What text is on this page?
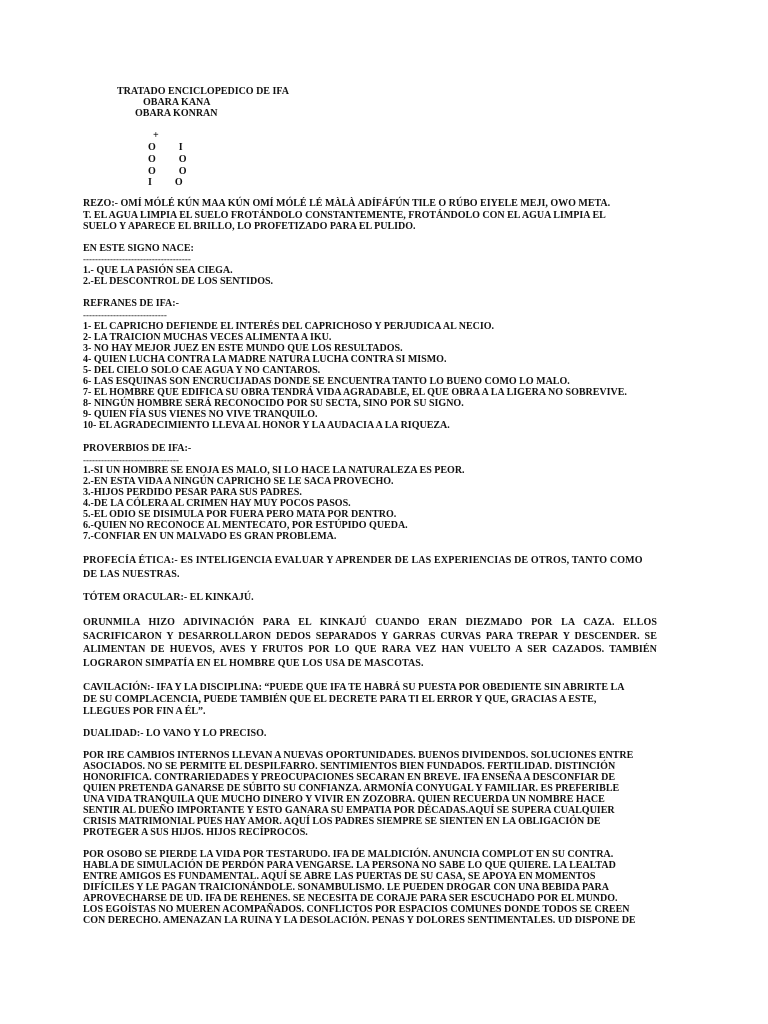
TRATADO ENCICLOPEDICO DE IFA
OBARA KANA
OBARA KONRAN
+
O  I
O  O
O  O
I  O
REZO:- OMÍ MÓLÉ KÚN MAA KÚN OMÍ MÓLÉ LÉ MÀLÀ ADÍFÁFÚN TILE O RÚBO EIYELE MEJI, OWO META.
T. EL AGUA LIMPIA EL SUELO FROTÁNDOLO CONSTANTEMENTE, FROTÁNDOLO CON EL AGUA LIMPIA EL
SUELO Y APARECE EL BRILLO, LO PROFETIZADO PARA EL PULIDO.
EN ESTE SIGNO NACE:
------------------------------------
1.- QUE LA PASIÓN SEA CIEGA.
2.-EL DESCONTROL DE LOS SENTIDOS.
REFRANES DE IFA:-
----------------------------
1- EL CAPRICHO DEFIENDE EL INTERÉS DEL CAPRICHOSO Y PERJUDICA AL NECIO.
2- LA TRAICION MUCHAS VECES ALIMENTA A IKU.
3- NO HAY MEJOR JUEZ EN ESTE MUNDO QUE LOS RESULTADOS.
4- QUIEN LUCHA CONTRA LA MADRE NATURA LUCHA CONTRA SI MISMO.
5- DEL CIELO SOLO CAE AGUA Y NO CANTAROS.
6- LAS ESQUINAS SON ENCRUCIJADAS DONDE SE ENCUENTRA TANTO LO BUENO COMO LO MALO.
7- EL HOMBRE QUE EDIFICA SU OBRA TENDRÁ VIDA AGRADABLE, EL QUE OBRA A LA LIGERA NO SOBREVIVE.
8- NINGÚN HOMBRE SERÁ RECONOCIDO POR SU SECTA, SINO POR SU SIGNO.
9- QUIEN FÍA SUS VIENES NO VIVE TRANQUILO.
10- EL AGRADECIMIENTO LLEVA AL HONOR Y LA AUDACIA A LA RIQUEZA.
PROVERBIOS DE IFA:-
--------------------------------
1.-SI UN HOMBRE SE ENOJA ES MALO, SI LO HACE LA NATURALEZA ES PEOR.
2.-EN ESTA VIDA A NINGÚN CAPRICHO SE LE SACA PROVECHO.
3.-HIJOS PERDIDO PESAR PARA SUS PADRES.
4.-DE LA CÓLERA AL CRIMEN HAY MUY POCOS PASOS.
5.-EL ODIO SE DISIMULA POR FUERA PERO MATA POR DENTRO.
6.-QUIEN NO RECONOCE AL MENTECATO, POR ESTÚPIDO QUEDA.
7.-CONFIAR EN UN MALVADO ES GRAN PROBLEMA.
PROFECÍA ÉTICA:- ES INTELIGENCIA EVALUAR Y APRENDER DE LAS EXPERIENCIAS DE OTROS, TANTO COMO
DE LAS NUESTRAS.
TÓTEM ORACULAR:- EL KINKAJÚ.
ORUNMILA HIZO ADIVINACIÓN PARA EL KINKAJÚ CUANDO ERAN DIEZMADO POR LA CAZA. ELLOS SACRIFICARON Y DESARROLLARON DEDOS SEPARADOS Y GARRAS CURVAS PARA TREPAR Y DESCENDER. SE ALIMENTAN DE HUEVOS, AVES Y FRUTOS POR LO QUE RARA VEZ HAN VUELTO A SER CAZADOS. TAMBIÉN LOGRARON SIMPATÍA EN EL HOMBRE QUE LOS USA DE MASCOTAS.
CAVILACIÓN:- IFA Y LA DISCIPLINA: “PUEDE QUE IFA TE HABRÁ SU PUESTA POR OBEDIENTE SIN ABRIRTE LA
DE SU COMPLACENCIA, PUEDE TAMBIÉN QUE EL DECRETE PARA TI EL ERROR Y QUE, GRACIAS A ESTE,
LLEGUES POR FIN A ÉL”.
DUALIDAD:- LO VANO Y LO PRECISO.
POR IRE CAMBIOS INTERNOS LLEVAN A NUEVAS OPORTUNIDADES. BUENOS DIVIDENDOS. SOLUCIONES ENTRE
ASOCIADOS. NO SE PERMITE EL DESPILFARRO. SENTIMIENTOS BIEN FUNDADOS. FERTILIDAD. DISTINCIÓN
HONORIFICA. CONTRARIEDADES Y PREOCUPACIONES SECARAN EN BREVE. IFA ENSEÑA A DESCONFIAR DE
QUIEN PRETENDA GANARSE DE SÚBITO SU CONFIANZA. ARMONÍA CONYUGAL Y FAMILIAR. ES PREFERIBLE
UNA VIDA TRANQUILA QUE MUCHO DINERO Y VIVIR EN ZOZOBRA. QUIEN RECUERDA UN NOMBRE HACE
SENTIR AL DUEÑO IMPORTANTE Y ESTO GANARA SU EMPATIA POR DÉCADAS.AQUÍ SE SUPERA CUALQUIER
CRISIS MATRIMONIAL PUES HAY AMOR. AQUÍ LOS PADRES SIEMPRE SE SIENTEN EN LA OBLIGACIÓN DE
PROTEGER A SUS HIJOS. HIJOS RECÍPROCOS.
POR OSOBO SE PIERDE LA VIDA POR TESTARUDO. IFA DE MALDICIÓN. ANUNCIA COMPLOT EN SU CONTRA.
HABLA DE SIMULACIÓN DE PERDÓN PARA VENGARSE. LA PERSONA NO SABE LO QUE QUIERE. LA LEALTAD
ENTRE AMIGOS ES FUNDAMENTAL. AQUÍ SE ABRE LAS PUERTAS DE SU CASA, SE APOYA EN MOMENTOS
DIFÍCILES Y LE PAGAN TRAICIONÁNDOLE. SONAMBULISMO. LE PUEDEN DROGAR CON UNA BEBIDA PARA
APROVECHARSE DE UD. IFA DE REHENES. SE NECESITA DE CORAJE PARA SER ESCUCHADO POR EL MUNDO.
LOS EGOÍSTAS NO MUEREN ACOMPAÑADOS. CONFLICTOS POR ESPACIOS COMUNES DONDE TODOS SE CREEN
CON DERECHO. AMENAZAN LA RUINA Y LA DESOLACIÓN. PENAS Y DOLORES SENTIMENTALES. UD DISPONE DE
